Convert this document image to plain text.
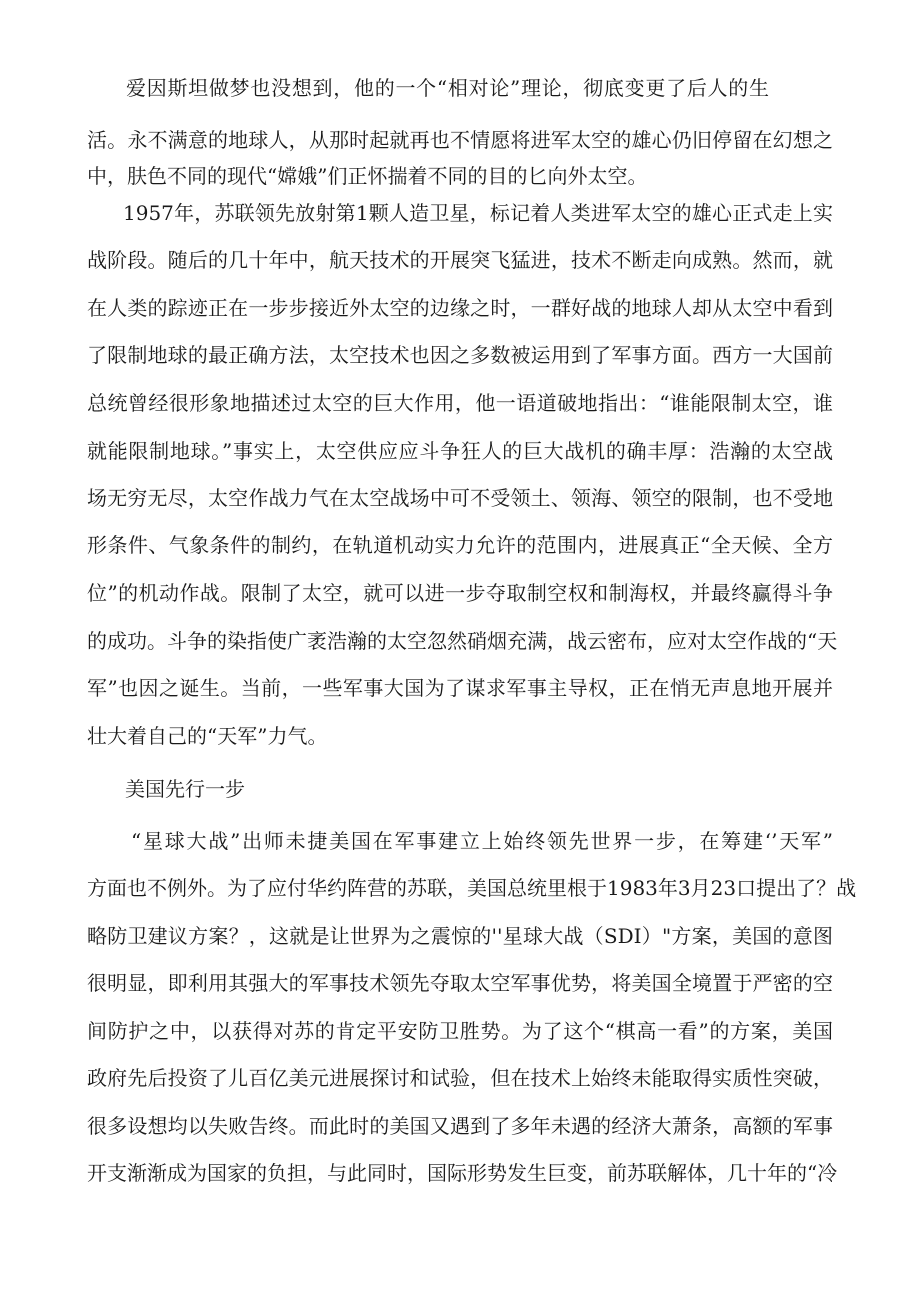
爱因斯坦做梦也没想到，他的一个“相对论”理论，彻底变更了后人的生
活。永不满意的地球人，从那时起就再也不情愿将进军太空的雄心仍旧停留在幻想之
中，肤色不同的现代“嫦娥”们正怀揣着不同的目的匕向外太空。
1957年，苏联领先放射第1颗人造卫星，标记着人类进军太空的雄心正式走上实
战阶段。随后的几十年中，航天技术的开展突飞猛进，技术不断走向成熟。然而，就
在人类的踪迹正在一步步接近外太空的边缘之时，一群好战的地球人却从太空中看到
了限制地球的最正确方法，太空技术也因之多数被运用到了军事方面。西方一大国前
总统曾经很形象地描述过太空的巨大作用，他一语道破地指出：“谁能限制太空，谁
就能限制地球。”事实上，太空供应应斗争狂人的巨大战机的确丰厚：浩瀚的太空战
场无穷无尽，太空作战力气在太空战场中可不受领土、领海、领空的限制，也不受地
形条件、气象条件的制约，在轨道机动实力允许的范围内，进展真正“全天候、全方
位”的机动作战。限制了太空，就可以进一步夺取制空权和制海权，并最终赢得斗争
的成功。斗争的染指使广袤浩瀚的太空忽然硝烟充满，战云密布，应对太空作战的“天
军”也因之诞生。当前，一些军事大国为了谋求军事主导权，正在悄无声息地开展并
壮大着自己的“天军”力气。
美国先行一步
“星球大战”出师未捷美国在军事建立上始终领先世界一步，在筹建‘’天军”
方面也不例外。为了应付华约阵营的苏联，美国总统里根于1983年3月23口提出了？战
略防卫建议方案？，这就是让世界为之震惊的''星球大战（SDI）"方案，美国的意图
很明显，即利用其强大的军事技术领先夺取太空军事优势，将美国全境置于严密的空
间防护之中，以获得对苏的肯定平安防卫胜势。为了这个“棋高一看”的方案，美国
政府先后投资了儿百亿美元进展探讨和试验，但在技术上始终未能取得实质性突破，
很多设想均以失败告终。而此时的美国又遇到了多年未遇的经济大萧条，高额的军事
开支渐渐成为国家的负担，与此同时，国际形势发生巨变，前苏联解体，几十年的“冷
